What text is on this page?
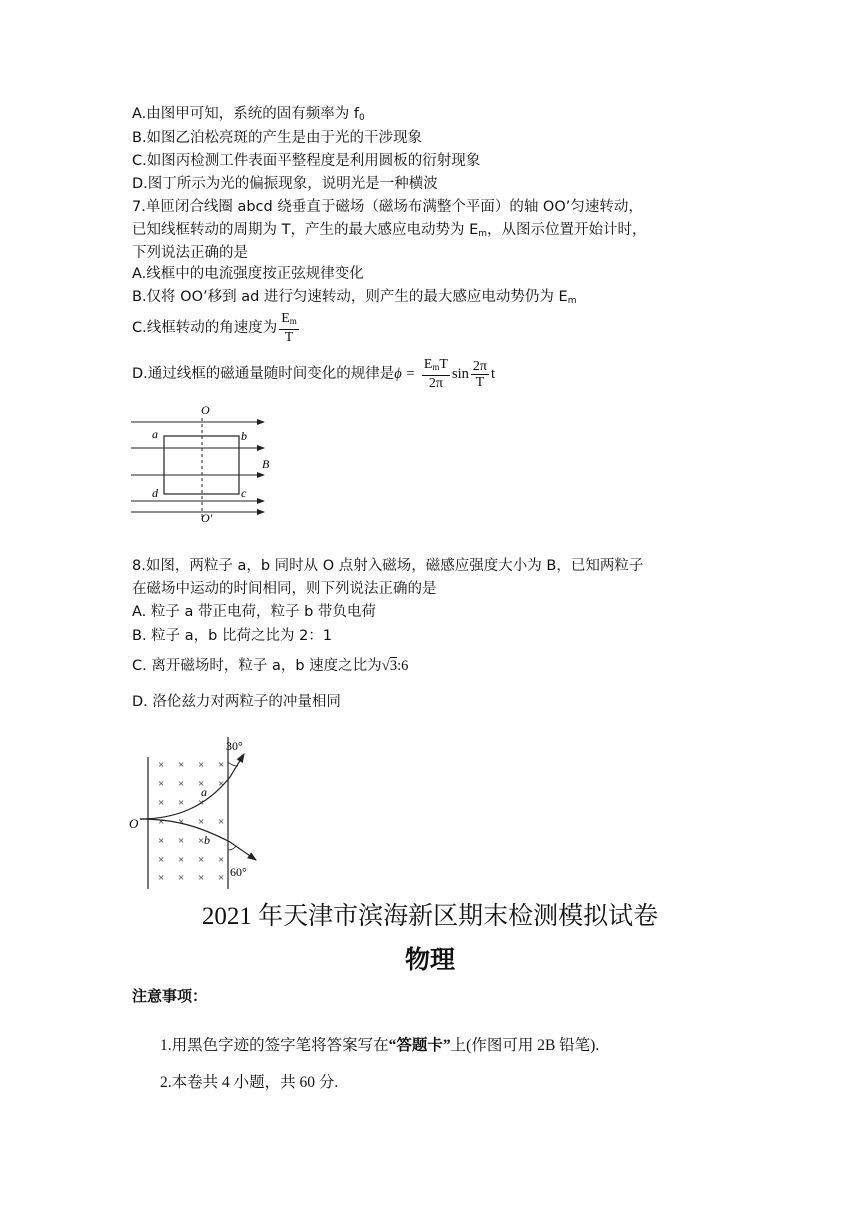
A.由图甲可知，系统的固有频率为 $f_0$
B.如图乙泊松亮斑的产生是由于光的干涉现象
C.如图丙检测工件表面平整程度是利用圆板的衍射现象
D.图丁所示为光的偏振现象，说明光是一种横波
7.单匝闭合线圈 abcd 绕垂直于磁场（磁场布满整个平面）的轴 OO’匀速转动，
已知线框转动的周期为 T，产生的最大感应电动势为 $E_m$，从图示位置开始计时，
下列说法正确的是
A.线框中的电流强度按正弦规律变化
B.仅将 OO’移到 ad 进行匀速转动，则产生的最大感应电动势仍为 $E_m$
C.线框转动的角速度为 $\frac{E_m}{T}$
D.通过线框的磁通量随时间变化的规律是$\phi = \frac{E_mT}{2\pi}$ $\sin \frac{2\pi}{T}$ t
O
O′
a	b
d	c
B
8.如图，两粒子 a，b 同时从 O 点射入磁场，磁感应强度大小为 B，已知两粒子
在磁场中运动的时间相同，则下列说法正确的是
A. 粒子 a 带正电荷，粒子 b 带负电荷
B. 粒子 a，b 比荷之比为 2：1
C. 离开磁场时，粒子 a，b 速度之比为√3:6
D. 洛伦兹力对两粒子的冲量相同
× × × ×
× × × ×
× × ×
× × × ×
× × ×
× × × ×
× × × ×
O
a
b
30°
60°
2021 年天津市滨海新区期末检测模拟试卷
物理
注意事项：
1.用黑色字迹的签字笔将答案写在“答题卡”上(作图可用 2B 铅笔).
2.本卷共 4 小题，共 60 分.
